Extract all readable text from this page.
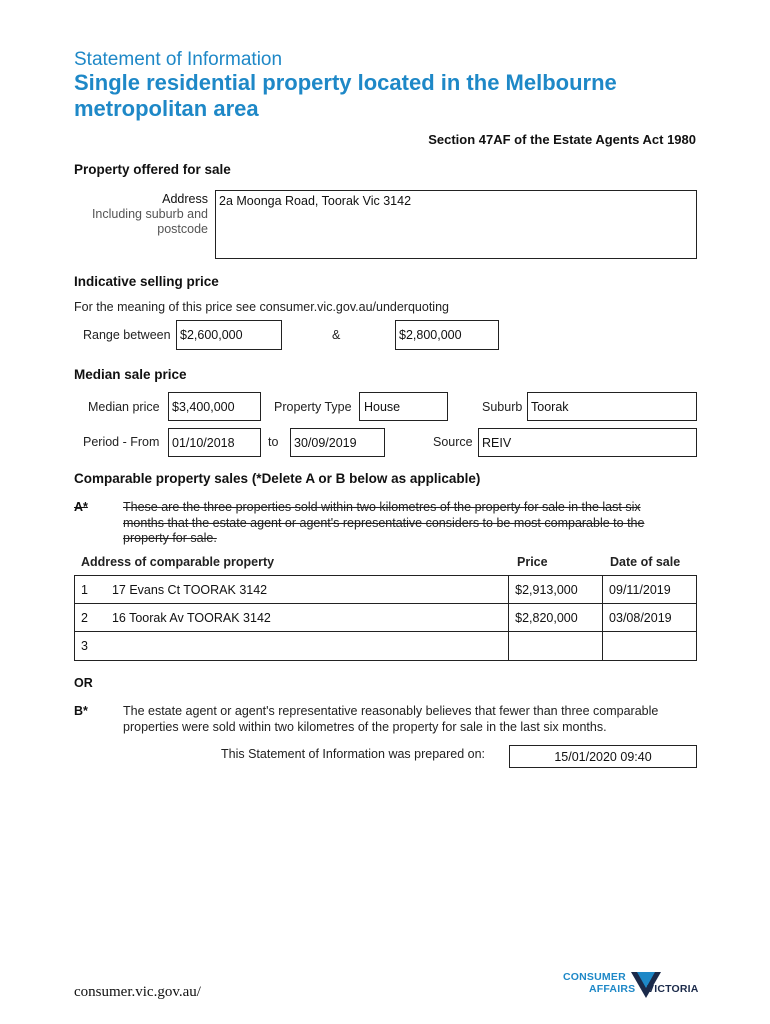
Statement of Information
Single residential property located in the Melbourne
metropolitan area
Section 47AF of the Estate Agents Act 1980
Property offered for sale
Address
Including suburb and
postcode
2a Moonga Road, Toorak Vic 3142
Indicative selling price
For the meaning of this price see consumer.vic.gov.au/underquoting
Range between $2,600,000	&	$2,800,000
Median sale price
Median price $3,400,000	Property Type House	Suburb Toorak
Period - From 01/10/2018	to 30/09/2019	Source REIV
Comparable property sales (*Delete A or B below as applicable)
A*	These are the three properties sold within two kilometres of the property for sale in the last six
months that the estate agent or agent's representative considers to be most comparable to the
property for sale.
Address of comparable property	Price	Date of sale
1 17 Evans Ct TOORAK 3142	$2,913,000	09/11/2019
2 16 Toorak Av TOORAK 3142	$2,820,000	03/08/2019
3		
OR
B*	The estate agent or agent's representative reasonably believes that fewer than three comparable
properties were sold within two kilometres of the property for sale in the last six months.
This Statement of Information was prepared on:	15/01/2020 09:40
consumer.vic.gov.au/
CONSUMER
AFFAIRS VICTORIA
